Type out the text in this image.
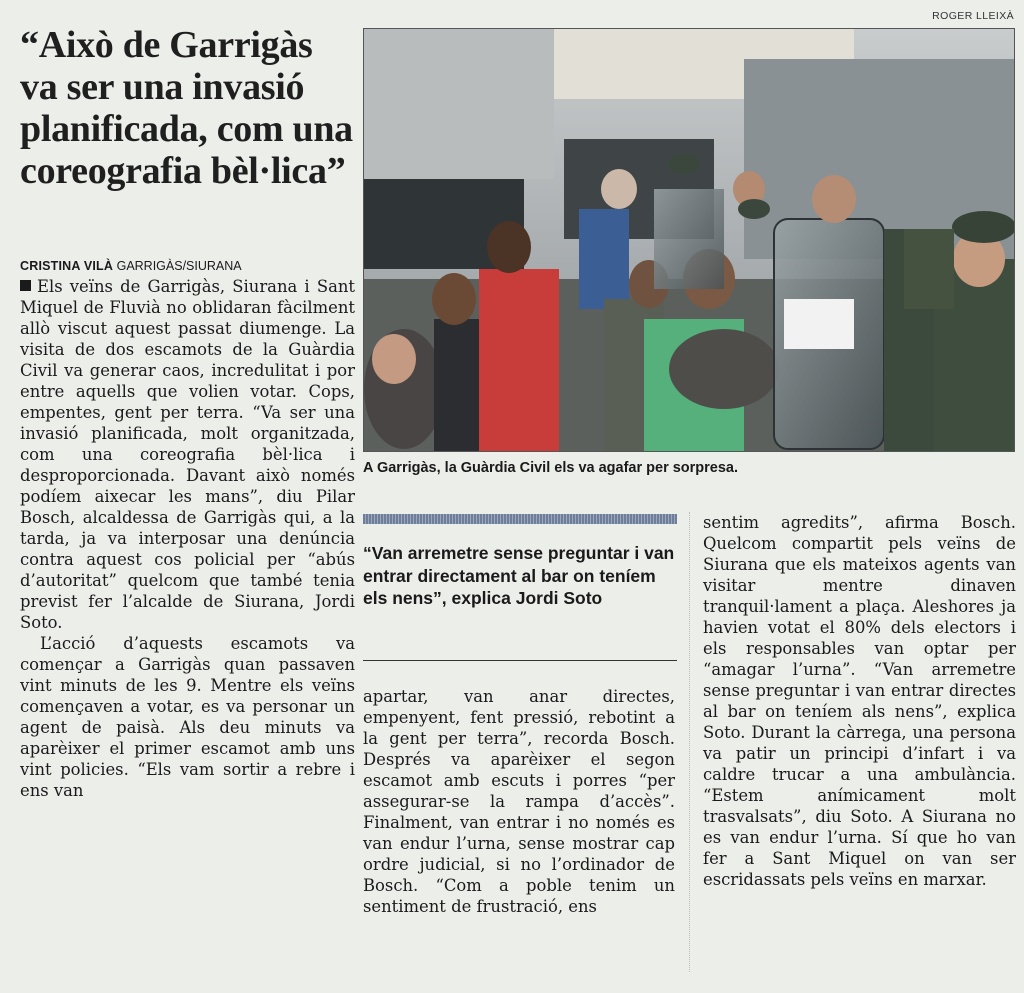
ROGER LLEIXÀ
“Això de Garrigàs va ser una invasió planificada, com una coreografia bèl·lica”
CRISTINA VILÀ GARRIGÀS/SIURANA

Els veïns de Garrigàs, Siurana i Sant Miquel de Fluvià no oblidaran fàcilment allò viscut aquest passat diumenge. La visita de dos escamots de la Guàrdia Civil va generar caos, incredulitat i por entre aquells que volien votar. Cops, empentes, gent per terra. “Va ser una invasió planificada, molt organitzada, com una coreografia bèl·lica i desproporcionada. Davant això només podíem aixecar les mans”, diu Pilar Bosch, alcaldessa de Garrigàs qui, a la tarda, ja va interposar una denúncia contra aquest cos policial per “abús d’autoritat” quelcom que també tenia previst fer l’alcalde de Siurana, Jordi Soto.

L’acció d’aquests escamots va començar a Garrigàs quan passaven vint minuts de les 9. Mentre els veïns començaven a votar, es va personar un agent de paisà. Als deu minuts va aparèixer el primer escamot amb uns vint policies. “Els vam sortir a rebre i ens van

A Garrigàs, la Guàrdia Civil els va agafar per sorpresa.
“Van arremetre sense preguntar i van entrar directament al bar on teníem els nens”, explica Jordi Soto

apartar, van anar directes, empenyent, fent pressió, rebotint a la gent per terra”, recorda Bosch. Després va aparèixer el segon escamot amb escuts i porres “per assegurar-se la rampa d’accès”. Finalment, van entrar i no només es van endur l’urna, sense mostrar cap ordre judicial, si no l’ordinador de Bosch. “Com a poble tenim un sentiment de frustració, ens

sentim agredits”, afirma Bosch. Quelcom compartit pels veïns de Siurana que els mateixos agents van visitar mentre dinaven tranquil·lament a plaça. Aleshores ja havien votat el 80% dels electors i els responsables van optar per “amagar l’urna”. “Van arremetre sense preguntar i van entrar directes al bar on teníem als nens”, explica Soto. Durant la càrrega, una persona va patir un principi d’infart i va caldre trucar a una ambulància. “Estem anímicament molt trasvalsats”, diu Soto. A Siurana no es van endur l’urna. Sí que ho van fer a Sant Miquel on van ser escridassats pels veïns en marxar.
